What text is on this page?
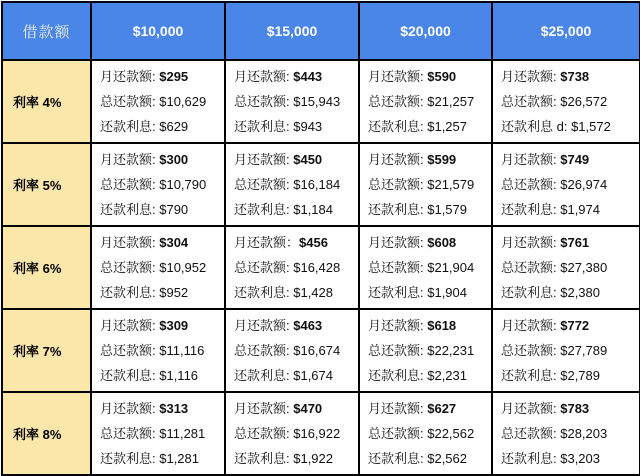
借款额	$10,000	$15,000	$20,000	$25,000
利率 4%	
月还款额: $295
总还款额: $10,629
还款利息: $629

月还款额: $443
总还款额: $15,943
还款利息: $943

月还款额: $590
总还款额: $21,257
还款利息: $1,257

月还款额: $738
总还款额: $26,572
还款利息 d: $1,572

利率 5%	
月还款额: $300
总还款额: $10,790
还款利息: $790

月还款额: $450
总还款额: $16,184
还款利息: $1,184

月还款额: $599
总还款额: $21,579
还款利息: $1,579

月还款额: $749
总还款额: $26,974
还款利息: $1,974

利率 6%	
月还款额: $304
总还款额: $10,952
还款利息: $952

月还款额：$456
总还款额: $16,428
还款利息: $1,428

月还款额: $608
总还款额: $21,904
还款利息: $1,904

月还款额: $761
总还款额: $27,380
还款利息: $2,380

利率 7%	
月还款额: $309
总还款额: $11,116
还款利息: $1,116

月还款额: $463
总还款额: $16,674
还款利息: $1,674

月还款额: $618
总还款额: $22,231
还款利息: $2,231

月还款额: $772
总还款额: $27,789
还款利息: $2,789

利率 8%	
月还款额: $313
总还款额: $11,281
还款利息: $1,281

月还款额: $470
总还款额: $16,922
还款利息: $1,922

月还款额: $627
总还款额: $22,562
还款利息: $2,562

月还款额: $783
总还款额: $28,203
还款利息: $3,203
